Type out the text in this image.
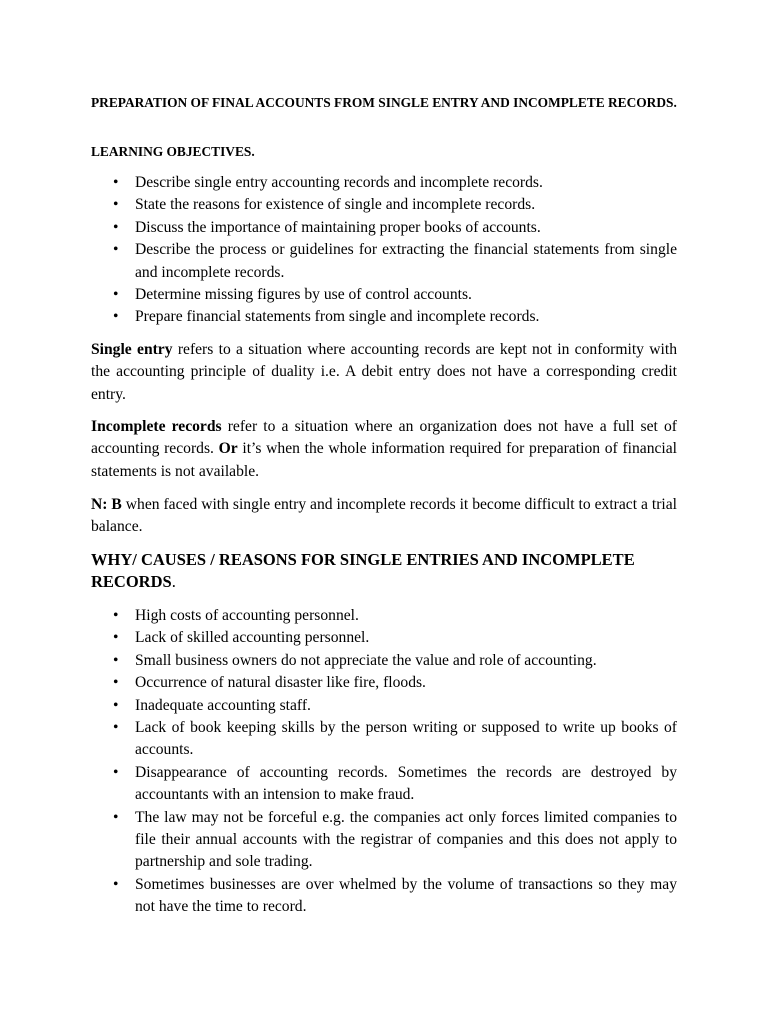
PREPARATION OF FINAL ACCOUNTS FROM SINGLE ENTRY AND INCOMPLETE RECORDS.
LEARNING OBJECTIVES.
• Describe single entry accounting records and incomplete records.
• State the reasons for existence of single and incomplete records.
• Discuss the importance of maintaining proper books of accounts.
• Describe the process or guidelines for extracting the financial statements from single and incomplete records.
• Determine missing figures by use of control accounts.
• Prepare financial statements from single and incomplete records.

Single entry refers to a situation where accounting records are kept not in conformity with the accounting principle of duality i.e. A debit entry does not have a corresponding credit entry.

Incomplete records refer to a situation where an organization does not have a full set of accounting records. Or it’s when the whole information required for preparation of financial statements is not available.

N: B when faced with single entry and incomplete records it become difficult to extract a trial balance.

WHY/ CAUSES / REASONS FOR SINGLE ENTRIES AND INCOMPLETE RECORDS.
• High costs of accounting personnel.
• Lack of skilled accounting personnel.
• Small business owners do not appreciate the value and role of accounting.
• Occurrence of natural disaster like fire, floods.
• Inadequate accounting staff.
• Lack of book keeping skills by the person writing or supposed to write up books of accounts.
• Disappearance of accounting records. Sometimes the records are destroyed by accountants with an intension to make fraud.
• The law may not be forceful e.g. the companies act only forces limited companies to file their annual accounts with the registrar of companies and this does not apply to partnership and sole trading.
• Sometimes businesses are over whelmed by the volume of transactions so they may not have the time to record.
